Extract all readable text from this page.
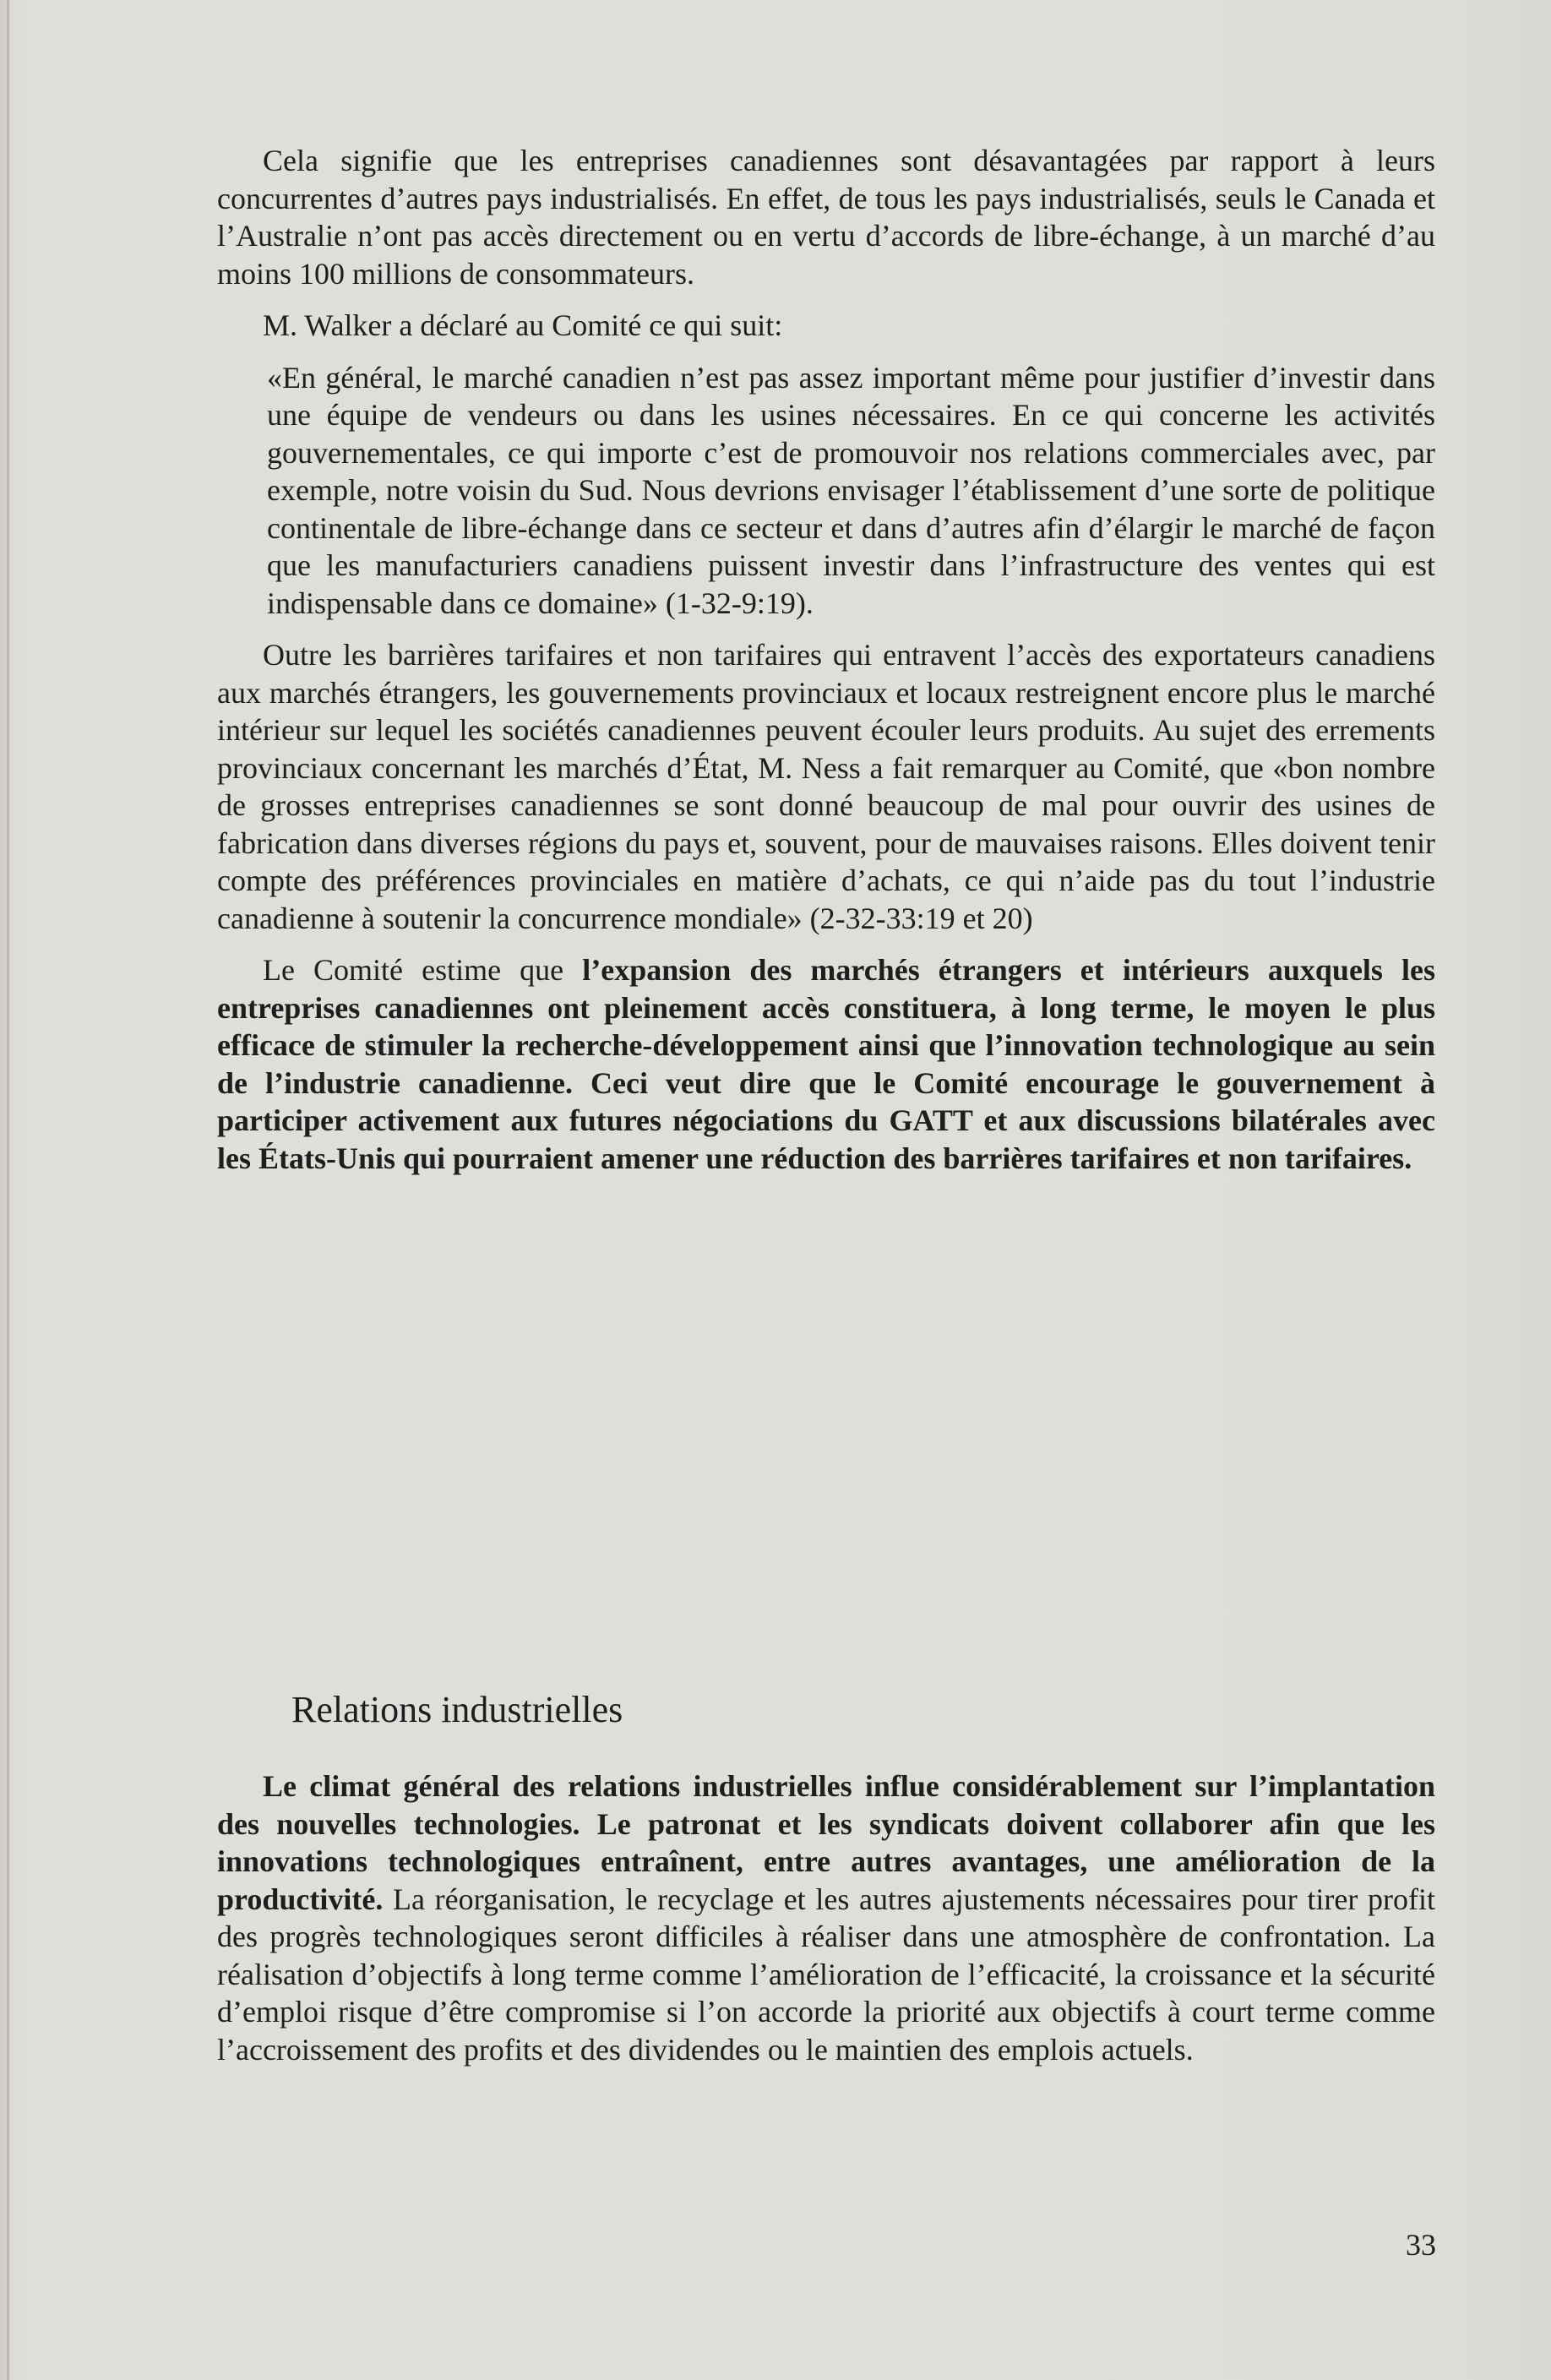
Cela signifie que les entreprises canadiennes sont désavantagées par rapport à leurs concurrentes d’autres pays industrialisés. En effet, de tous les pays industrialisés, seuls le Canada et l’Australie n’ont pas accès directement ou en vertu d’accords de libre-échange, à un marché d’au moins 100 millions de consommateurs.

M. Walker a déclaré au Comité ce qui suit:

«En général, le marché canadien n’est pas assez important même pour justifier d’investir dans une équipe de vendeurs ou dans les usines nécessaires. En ce qui concerne les activités gouvernementales, ce qui importe c’est de promouvoir nos relations commerciales avec, par exemple, notre voisin du Sud. Nous devrions envisager l’établissement d’une sorte de politique continentale de libre-échange dans ce secteur et dans d’autres afin d’élargir le marché de façon que les manufacturiers canadiens puissent investir dans l’infrastructure des ventes qui est indispensable dans ce domaine» (1-32-9:19).

Outre les barrières tarifaires et non tarifaires qui entravent l’accès des exportateurs canadiens aux marchés étrangers, les gouvernements provinciaux et locaux restreignent encore plus le marché intérieur sur lequel les sociétés canadiennes peuvent écouler leurs produits. Au sujet des errements provinciaux concernant les marchés d’État, M. Ness a fait remarquer au Comité, que «bon nombre de grosses entreprises canadiennes se sont donné beaucoup de mal pour ouvrir des usines de fabrication dans diverses régions du pays et, souvent, pour de mauvaises raisons. Elles doivent tenir compte des préférences provinciales en matière d’achats, ce qui n’aide pas du tout l’industrie canadienne à soutenir la concurrence mondiale» (2-32-33:19 et 20)

Le Comité estime que l’expansion des marchés étrangers et intérieurs auxquels les entreprises canadiennes ont pleinement accès constituera, à long terme, le moyen le plus efficace de stimuler la recherche-développement ainsi que l’innovation technologique au sein de l’industrie canadienne. Ceci veut dire que le Comité encourage le gouvernement à participer activement aux futures négociations du GATT et aux discussions bilatérales avec les États-Unis qui pourraient amener une réduction des barrières tarifaires et non tarifaires.

Relations industrielles

Le climat général des relations industrielles influe considérablement sur l’implantation des nouvelles technologies. Le patronat et les syndicats doivent collaborer afin que les innovations technologiques entraînent, entre autres avantages, une amélioration de la productivité. La réorganisation, le recyclage et les autres ajustements nécessaires pour tirer profit des progrès technologiques seront difficiles à réaliser dans une atmosphère de confrontation. La réalisation d’objectifs à long terme comme l’amélioration de l’efficacité, la croissance et la sécurité d’emploi risque d’être compromise si l’on accorde la priorité aux objectifs à court terme comme l’accroissement des profits et des dividendes ou le maintien des emplois actuels.

33
